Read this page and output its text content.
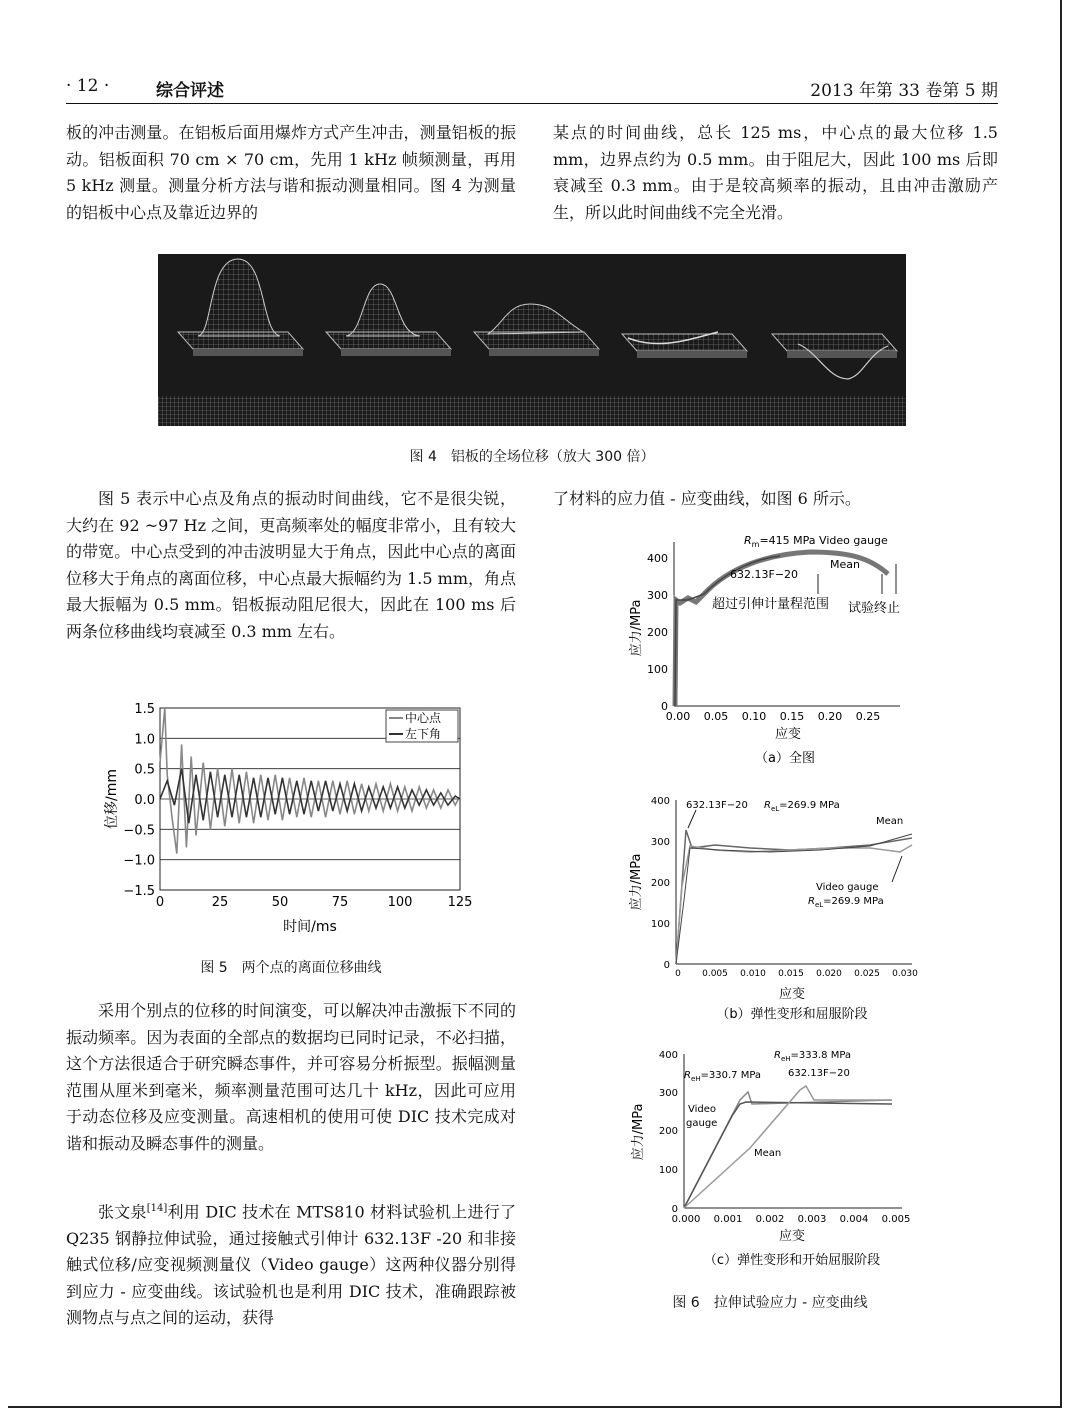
· 12 ·	综合评述	2013 年第 33 卷第 5 期

板的冲击测量。在铝板后面用爆炸方式产生冲击，测量铝板的振动。铝板面积 70 cm × 70 cm，先用 1 kHz 帧频测量，再用 5 kHz 测量。测量分析方法与谐和振动测量相同。图 4 为测量的铝板中心点及靠近边界的

某点的时间曲线，总长 125 ms，中心点的最大位移 1.5 mm，边界点约为 0.5 mm。由于阻尼大，因此 100 ms 后即衰减至 0.3 mm。由于是较高频率的振动，且由冲击激励产生，所以此时间曲线不完全光滑。

图 4　铝板的全场位移（放大 300 倍）

图 5 表示中心点及角点的振动时间曲线，它不是很尖锐，大约在 92 ~97 Hz 之间，更高频率处的幅度非常小，且有较大的带宽。中心点受到的冲击波明显大于角点，因此中心点的离面位移大于角点的离面位移，中心点最大振幅约为 1.5 mm，角点最大振幅为 0.5 mm。铝板振动阻尼很大，因此在 100 ms 后两条位移曲线均衰减至 0.3 mm 左右。

了材料的应力值 - 应变曲线，如图 6 所示。

1.5
1.0
0.5
0.0
−0.5
−1.0
−1.5
0	25	50	75	100	125
中心点
左下角
时间/ms
位移/mm
图 5　两个点的离面位移曲线

采用个别点的位移的时间演变，可以解决冲击激振下不同的振动频率。因为表面的全部点的数据均已同时记录，不必扫描，这个方法很适合于研究瞬态事件，并可容易分析振型。振幅测量范围从厘米到毫米，频率测量范围可达几十 kHz，因此可应用于动态位移及应变测量。高速相机的使用可使 DIC 技术完成对谐和振动及瞬态事件的测量。

张文泉[14]利用 DIC 技术在 MTS810 材料试验机上进行了 Q235 钢静拉伸试验，通过接触式引伸计 632.13F -20 和非接触式位移/应变视频测量仪（Video gauge）这两种仪器分别得到应力 - 应变曲线。该试验机也是利用 DIC 技术，准确跟踪被测物点与点之间的运动，获得

0
100
200
300
400
0.00 0.05 0.10 0.15 0.20 0.25
$R_m=415$ MPa Video gauge
632.13F−20
Mean
超过引伸计量程范围 试验终止
应变
应力/MPa
（a）全图
0
100
200
300
400
0 0.005 0.010 0.015 0.020 0.025 0.030
632.13F−20 $R_{eL}=269.9$ MPa
Mean
Video gauge
$R_{eL}=269.9$ MPa
应变
应力/MPa
（b）弹性变形和屈服阶段
0
100
200
300
400
0.000 0.001 0.002 0.003 0.004 0.005
$R_{eH}=333.8$ MPa
$R_{eH}=330.7$ MPa	632.13F−20
Video
gauge
Mean
应变
应力/MPa
（c）弹性变形和开始屈服阶段
图 6　拉伸试验应力 - 应变曲线
